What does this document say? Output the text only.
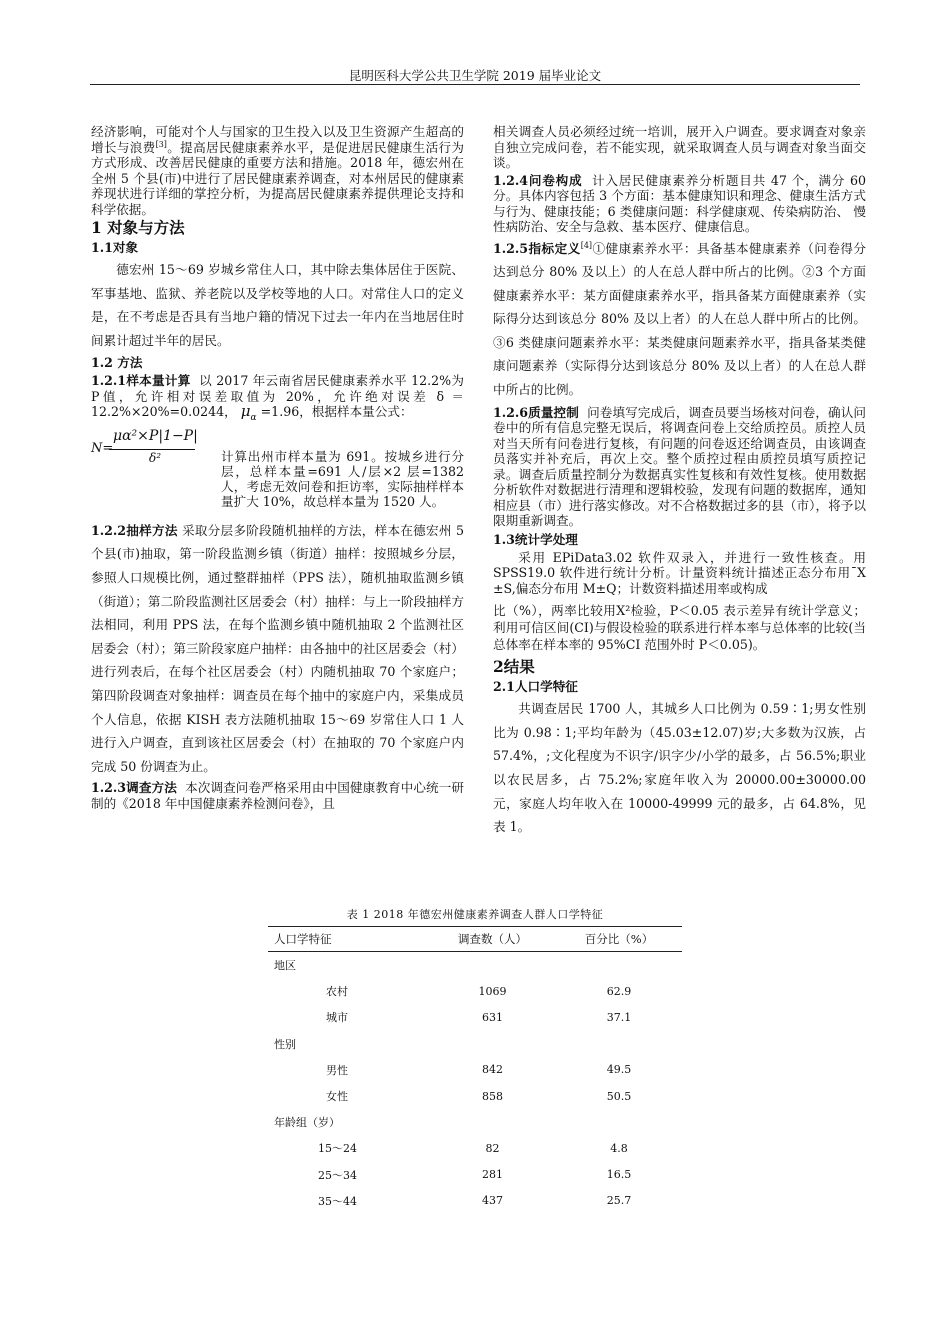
昆明医科大学公共卫生学院 2019 届毕业论文

经济影响，可能对个人与国家的卫生投入以及卫生资源产生超高的增长与浪费[3]。提高居民健康素养水平，是促进居民健康生活行为方式形成、改善居民健康的重要方法和措施。2018 年，德宏州在全州 5 个县(市)中进行了居民健康素养调查，对本州居民的健康素养现状进行详细的掌控分析，为提高居民健康素养提供理论支持和科学依据。

1 对象与方法
1.1对象

德宏州 15～69 岁城乡常住人口，其中除去集体居住于医院、军事基地、监狱、养老院以及学校等地的人口。对常住人口的定义是，在不考虑是否具有当地户籍的情况下过去一年内在当地居住时间累计超过半年的居民。

1.2 方法

1.2.1样本量计算 以 2017 年云南省居民健康素养水平 12.2%为P值，允许相对误差取值为 20%，允许绝对误差 δ ＝12.2%×20%=0.0244， $\mu_\alpha =1.96$，根据样本量公式：

N=
μα²×P|1−P|
δ²	计算出州市样本量为 691。按城乡进行分层，总样本量=691 人/层×2 层=1382 人，考虑无效问卷和拒访率，实际抽样样本量扩大 10%，故总样本量为 1520 人。
1.2.2抽样方法 采取分层多阶段随机抽样的方法，样本在德宏州 5 个县(市)抽取，第一阶段监测乡镇（街道）抽样：按照城乡分层，参照人口规模比例，通过整群抽样（PPS 法），随机抽取监测乡镇（街道）；第二阶段监测社区居委会（村）抽样：与上一阶段抽样方法相同，利用 PPS 法，在每个监测乡镇中随机抽取 2 个监测社区居委会（村）；第三阶段家庭户抽样：由各抽中的社区居委会（村）进行列表后，在每个社区居委会（村）内随机抽取 70 个家庭户；第四阶段调查对象抽样：调查员在每个抽中的家庭户内，采集成员个人信息，依据 KISH 表方法随机抽取 15～69 岁常住人口 1 人进行入户调查，直到该社区居委会（村）在抽取的 70 个家庭户内完成 50 份调查为止。

1.2.3调查方法 本次调查问卷严格采用由中国健康教育中心统一研制的《2018 年中国健康素养检测问卷》，且

相关调查人员必须经过统一培训，展开入户调查。要求调查对象亲自独立完成问卷，若不能实现，就采取调查人员与调查对象当面交谈。

1.2.4问卷构成 计入居民健康素养分析题目共 47 个，满分 60 分。具体内容包括 3 个方面：基本健康知识和理念、健康生活方式与行为、健康技能；6 类健康问题：科学健康观、传染病防治、 慢性病防治、安全与急救、基本医疗、健康信息。

1.2.5指标定义[4]①健康素养水平：具备基本健康素养（问卷得分达到总分 80% 及以上）的人在总人群中所占的比例。②3 个方面健康素养水平：某方面健康素养水平，指具备某方面健康素养（实际得分达到该总分 80% 及以上者）的人在总人群中所占的比例。③6 类健康问题素养水平：某类健康问题素养水平，指具备某类健康问题素养（实际得分达到该总分 80% 及以上者）的人在总人群中所占的比例。

1.2.6质量控制 问卷填写完成后，调查员要当场核对问卷，确认问卷中的所有信息完整无误后，将调查问卷上交给质控员。质控人员对当天所有问卷进行复核，有问题的问卷返还给调查员，由该调查员落实并补充后，再次上交。整个质控过程由质控员填写质控记录。调查后质量控制分为数据真实性复核和有效性复核。使用数据分析软件对数据进行清理和逻辑校验，发现有问题的数据库，通知相应县（市）进行落实修改。对不合格数据过多的县（市），将予以限期重新调查。

1.3统计学处理

采用 EPiData3.02 软件双录入，并进行一致性核查。用 SPSS19.0 软件进行统计分析。计量资料统计描述正态分布用¯X ±S,偏态分布用 M±Q；计数资料描述用率或构成

比（%），两率比较用X²检验，P＜0.05 表示差异有统计学意义；利用可信区间(CI)与假设检验的联系进行样本率与总体率的比较(当总体率在样本率的 95%CI 范围外时 P＜0.05)。

2结果
2.1人口学特征

共调查居民 1700 人，其城乡人口比例为 0.59∶1;男女性别比为 0.98∶1;平均年龄为（45.03±12.07)岁;大多数为汉族，占 57.4%，;文化程度为不识字/识字少/小学的最多，占 56.5%;职业以农民居多，占 75.2%;家庭年收入为 20000.00±30000.00 元，家庭人均年收入在 10000-49999 元的最多，占 64.8%，见表 1。

表 1 2018 年德宏州健康素养调查人群人口学特征
人口学特征	调查数（人）	百分比（%）
地区		
农村	1069	62.9
城市	631	37.1
性别		
男性	842	49.5
女性	858	50.5
年龄组（岁）		
15～24	82	4.8
25～34	281	16.5
35～44	437	25.7
